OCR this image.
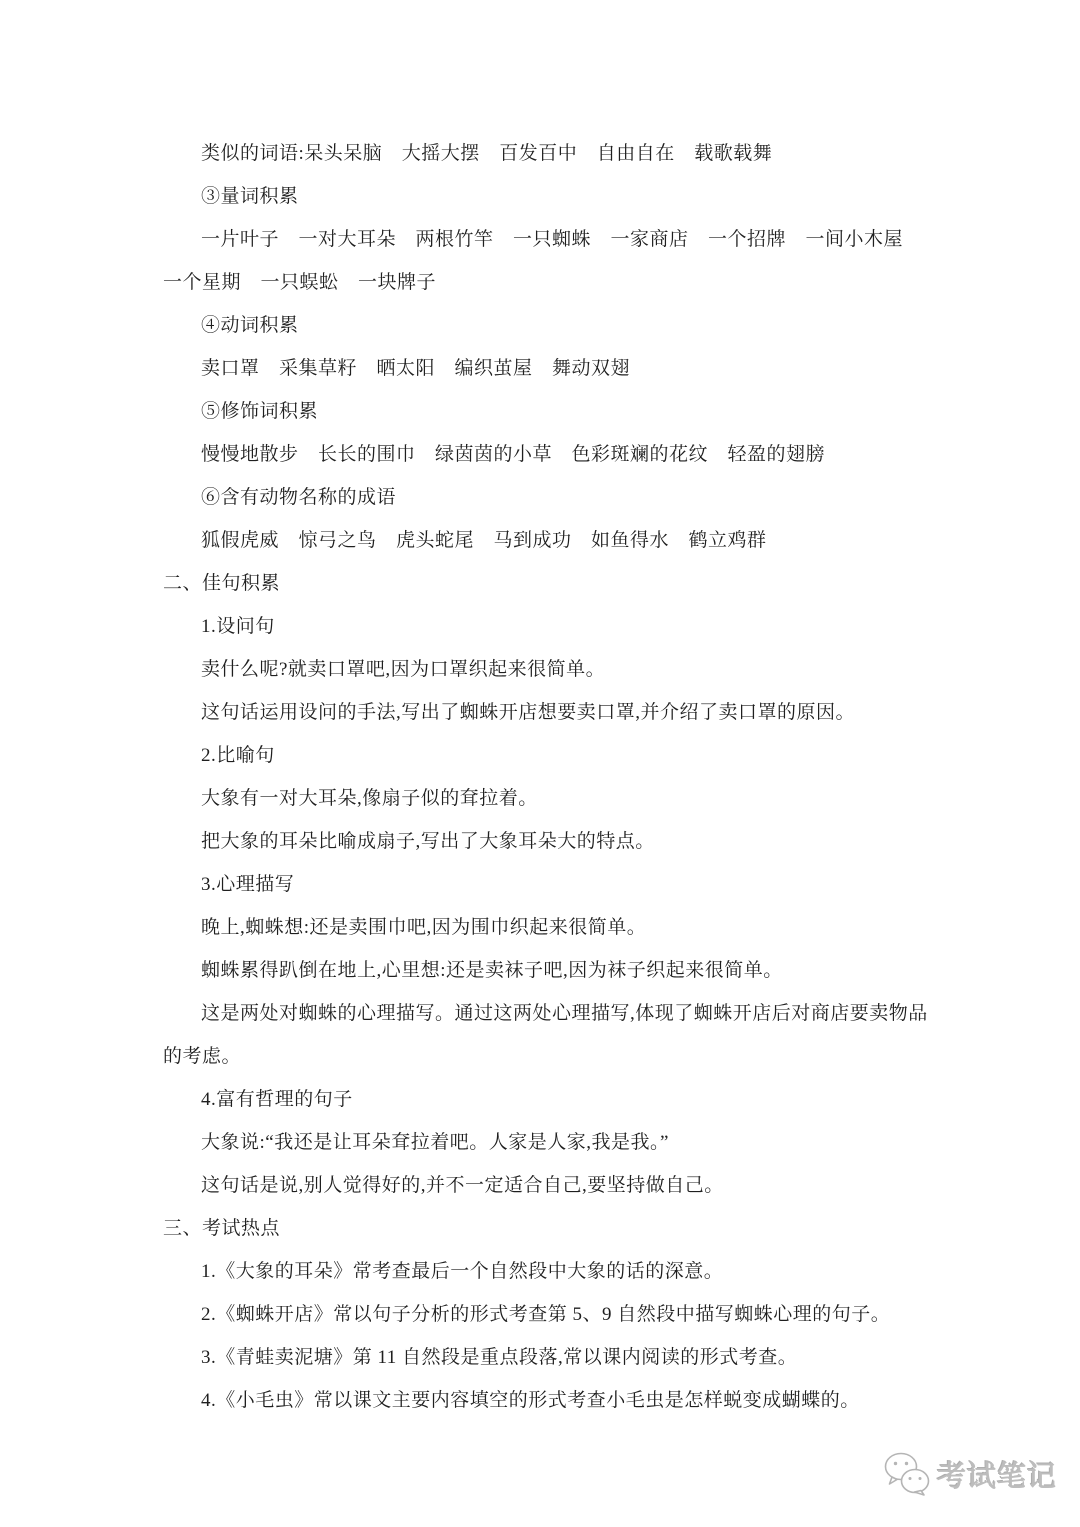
类似的词语:呆头呆脑　大摇大摆　百发百中　自由自在　载歌载舞
③量词积累
一片叶子　一对大耳朵　两根竹竿　一只蜘蛛　一家商店　一个招牌　一间小木屋
一个星期　一只蜈蚣　一块牌子
④动词积累
卖口罩　采集草籽　晒太阳　编织茧屋　舞动双翅
⑤修饰词积累
慢慢地散步　长长的围巾　绿茵茵的小草　色彩斑斓的花纹　轻盈的翅膀
⑥含有动物名称的成语
狐假虎威　惊弓之鸟　虎头蛇尾　马到成功　如鱼得水　鹤立鸡群
二、佳句积累
1.设问句
卖什么呢?就卖口罩吧,因为口罩织起来很简单。
这句话运用设问的手法,写出了蜘蛛开店想要卖口罩,并介绍了卖口罩的原因。
2.比喻句
大象有一对大耳朵,像扇子似的耷拉着。
把大象的耳朵比喻成扇子,写出了大象耳朵大的特点。
3.心理描写
晚上,蜘蛛想:还是卖围巾吧,因为围巾织起来很简单。
蜘蛛累得趴倒在地上,心里想:还是卖袜子吧,因为袜子织起来很简单。
这是两处对蜘蛛的心理描写。通过这两处心理描写,体现了蜘蛛开店后对商店要卖物品
的考虑。
4.富有哲理的句子
大象说:“我还是让耳朵耷拉着吧。人家是人家,我是我。”
这句话是说,别人觉得好的,并不一定适合自己,要坚持做自己。
三、考试热点
1.《大象的耳朵》常考查最后一个自然段中大象的话的深意。
2.《蜘蛛开店》常以句子分析的形式考查第 5、9 自然段中描写蜘蛛心理的句子。
3.《青蛙卖泥塘》第 11 自然段是重点段落,常以课内阅读的形式考查。
4.《小毛虫》常以课文主要内容填空的形式考查小毛虫是怎样蜕变成蝴蝶的。
考试笔记
